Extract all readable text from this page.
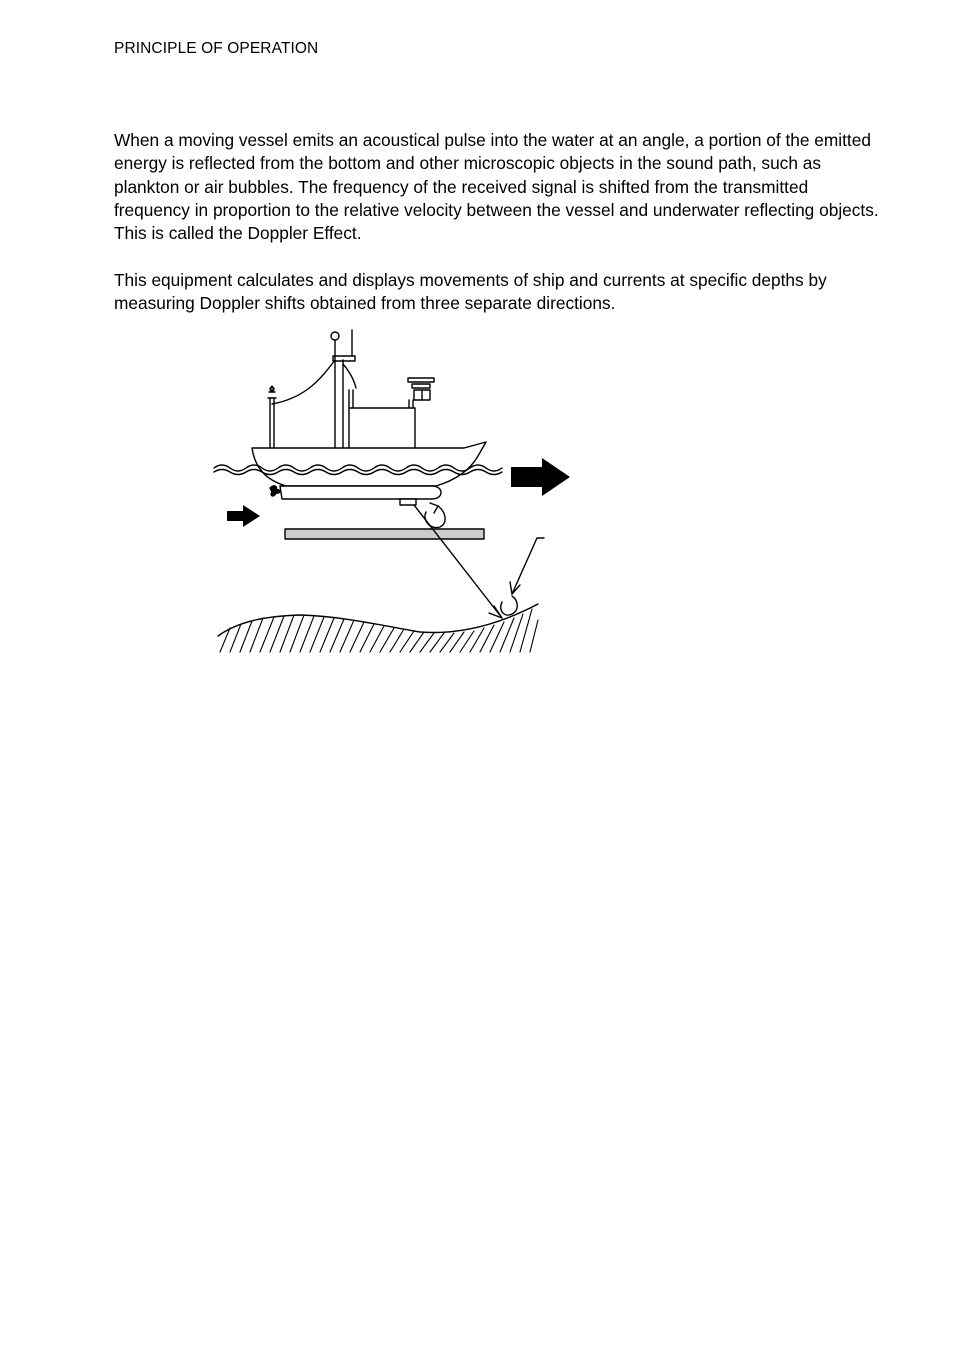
PRINCIPLE OF OPERATION

When a moving vessel emits an acoustical pulse into the water at an angle, a portion of the emitted energy is reflected from the bottom and other microscopic objects in the sound path, such as plankton or air bubbles. The frequency of the received signal is shifted from the transmitted frequency in proportion to the relative velocity between the vessel and underwater reflecting objects. This is called the Doppler Effect.

This equipment calculates and displays movements of ship and currents at specific depths by measuring Doppler shifts obtained from three separate directions.
